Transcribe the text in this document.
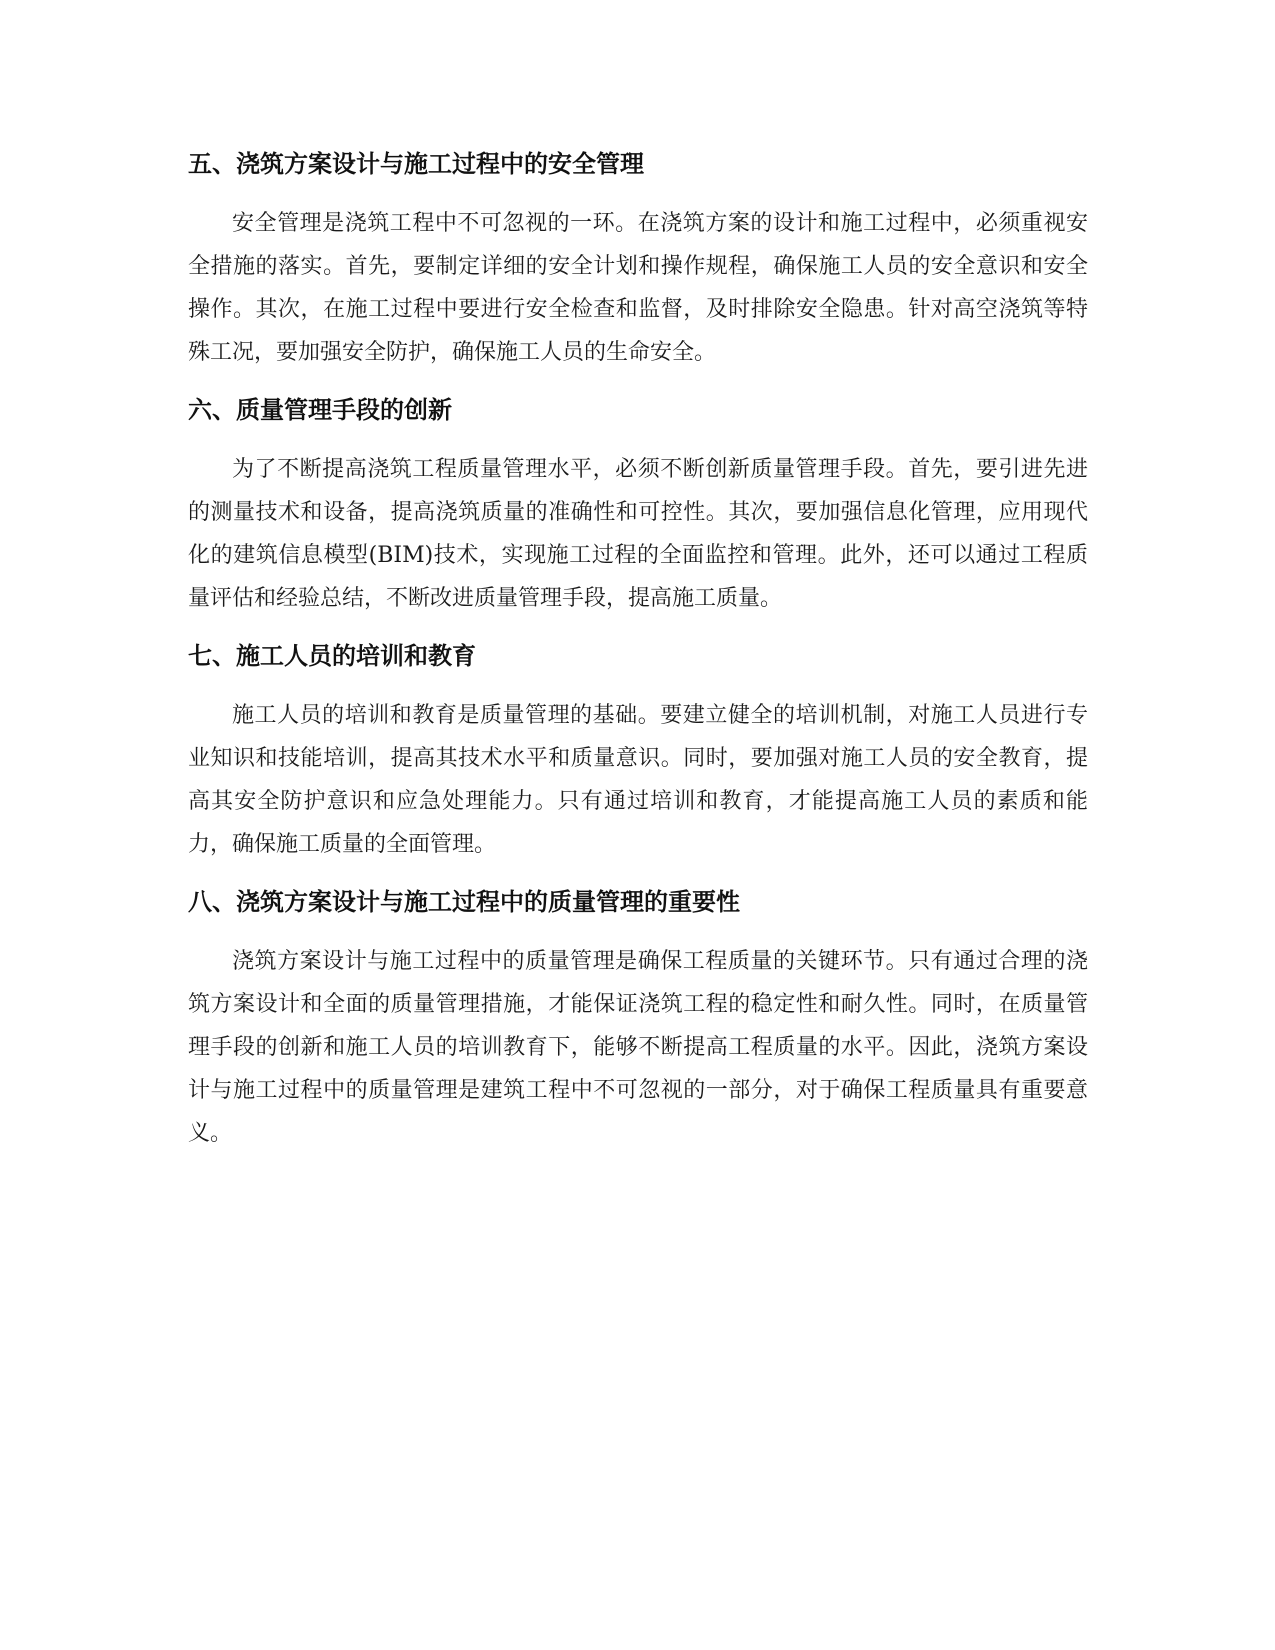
五、浇筑方案设计与施工过程中的安全管理

安全管理是浇筑工程中不可忽视的一环。在浇筑方案的设计和施工过程中，必须重视安全措施的落实。首先，要制定详细的安全计划和操作规程，确保施工人员的安全意识和安全操作。其次，在施工过程中要进行安全检查和监督，及时排除安全隐患。针对高空浇筑等特殊工况，要加强安全防护，确保施工人员的生命安全。

六、质量管理手段的创新

为了不断提高浇筑工程质量管理水平，必须不断创新质量管理手段。首先，要引进先进的测量技术和设备，提高浇筑质量的准确性和可控性。其次，要加强信息化管理，应用现代化的建筑信息模型(BIM)技术，实现施工过程的全面监控和管理。此外，还可以通过工程质量评估和经验总结，不断改进质量管理手段，提高施工质量。

七、施工人员的培训和教育

施工人员的培训和教育是质量管理的基础。要建立健全的培训机制，对施工人员进行专业知识和技能培训，提高其技术水平和质量意识。同时，要加强对施工人员的安全教育，提高其安全防护意识和应急处理能力。只有通过培训和教育，才能提高施工人员的素质和能力，确保施工质量的全面管理。

八、浇筑方案设计与施工过程中的质量管理的重要性

浇筑方案设计与施工过程中的质量管理是确保工程质量的关键环节。只有通过合理的浇筑方案设计和全面的质量管理措施，才能保证浇筑工程的稳定性和耐久性。同时，在质量管理手段的创新和施工人员的培训教育下，能够不断提高工程质量的水平。因此，浇筑方案设计与施工过程中的质量管理是建筑工程中不可忽视的一部分，对于确保工程质量具有重要意义。
